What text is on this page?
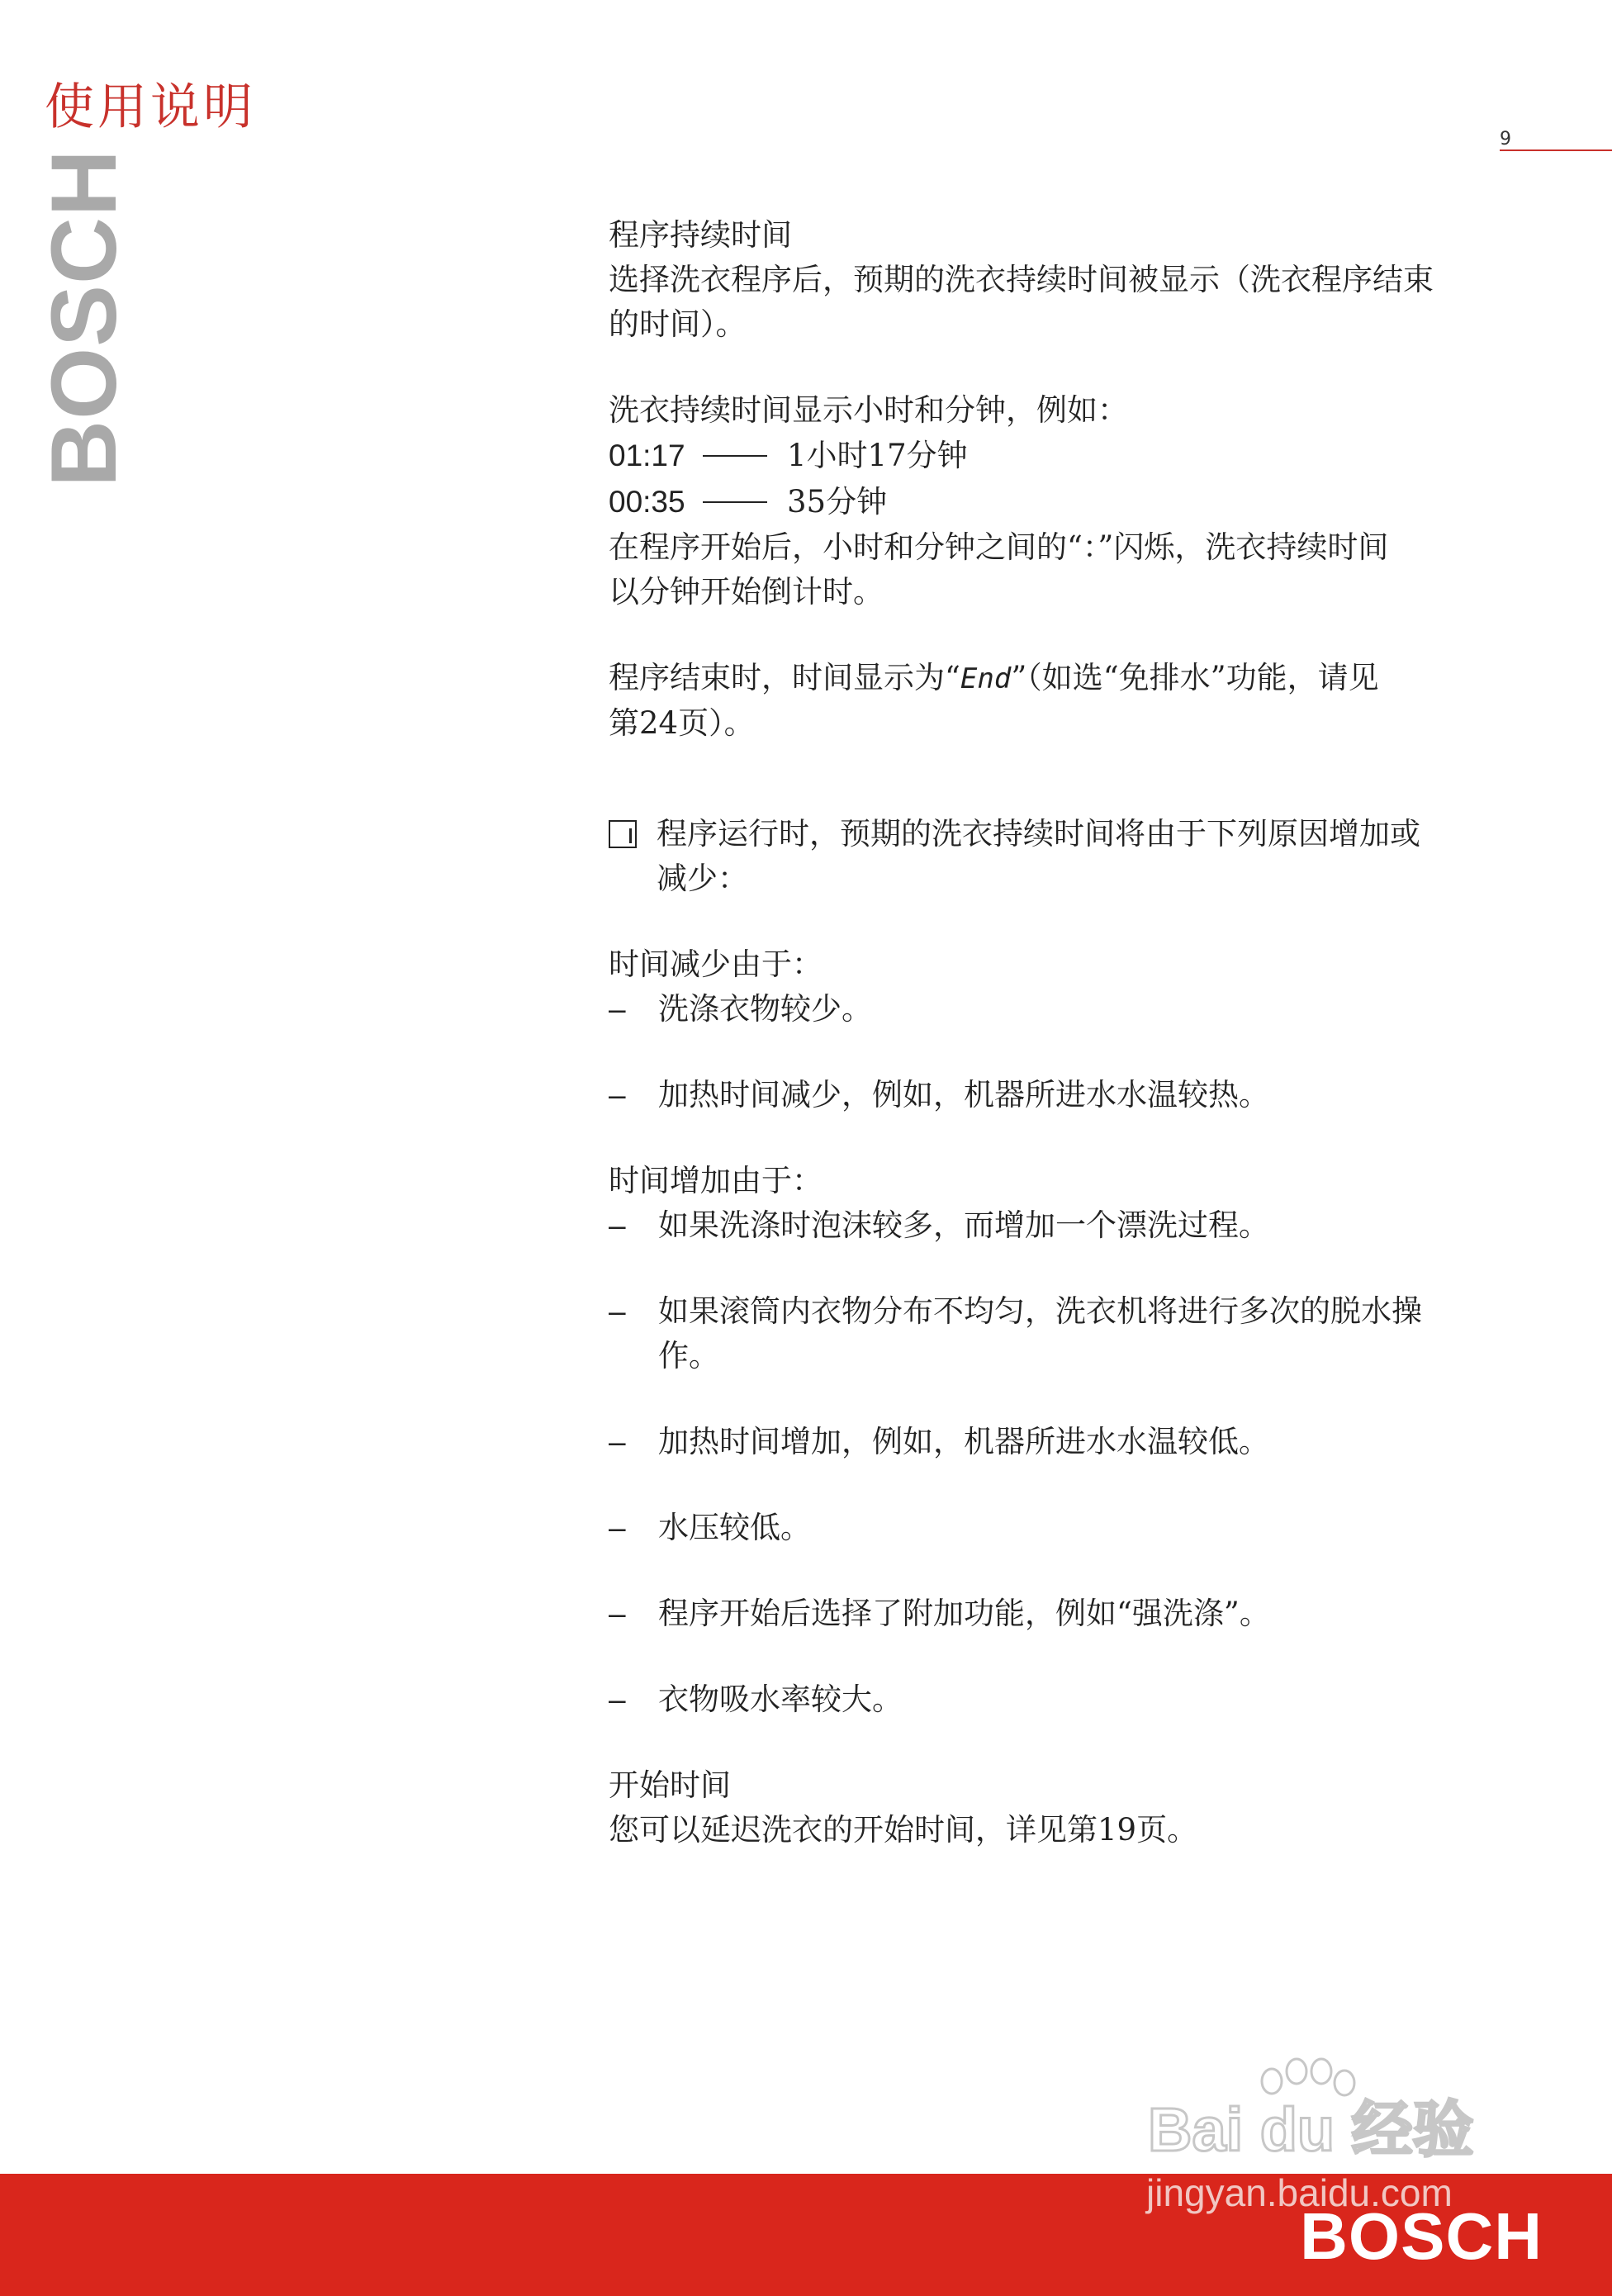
使用说明
9
BOSCH	程序持续时间

选择洗衣程序后，预期的洗衣持续时间被显示（洗衣程序结束

的时间）。

洗衣持续时间显示小时和分钟，例如：

01:17	1小时17分钟
00:35	35分钟

在程序开始后，小时和分钟之间的“：”闪烁，洗衣持续时间

以分钟开始倒计时。

程序结束时，时间显示为“End”（如选“免排水”功能，请见

第24页）。

程序运行时，预期的洗衣持续时间将由于下列原因增加或

减少：

时间减少由于：

–	洗涤衣物较少。
–	加热时间减少，例如，机器所进水水温较热。

时间增加由于：

–	如果洗涤时泡沫较多，而增加一个漂洗过程。
–	如果滚筒内衣物分布不均匀，洗衣机将进行多次的脱水操作。
–	加热时间增加，例如，机器所进水水温较低。
–	水压较低。
–	程序开始后选择了附加功能，例如“强洗涤”。
–	衣物吸水率较大。

开始时间

您可以延迟洗衣的开始时间，详见第19页。

Bai du 经验
BOSCH
jingyan.baidu.com
